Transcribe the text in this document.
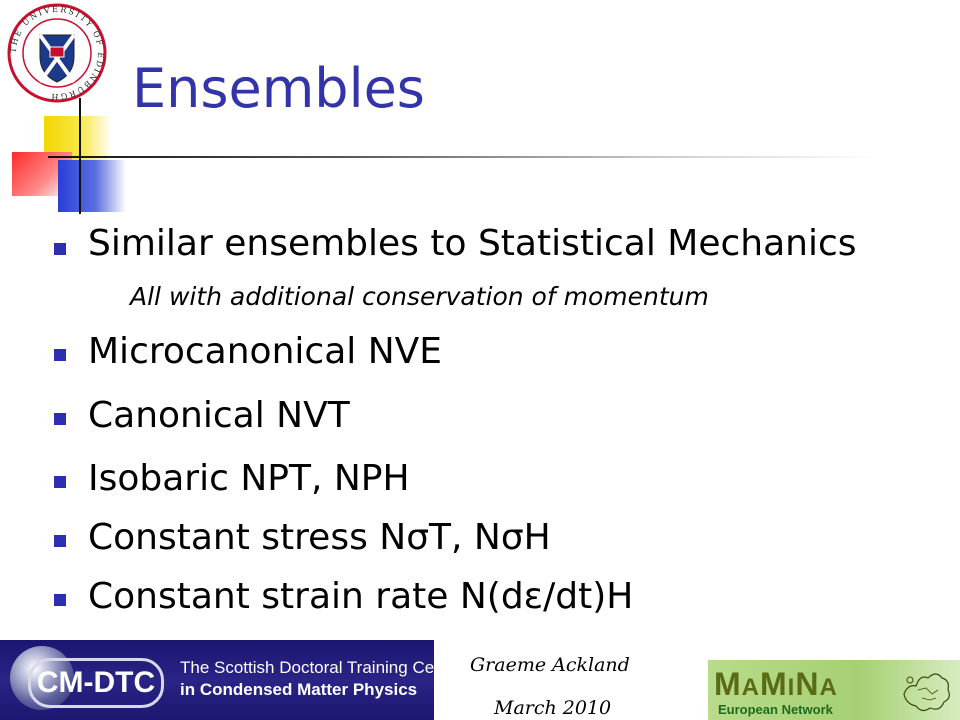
THE UNIVERSITY OF EDINBURGH	Ensembles
Similar ensembles to Statistical Mechanics
All with additional conservation of momentum
Microcanonical NVE
Canonical NVT
Isobaric NPT, NPH
Constant stress NσT, NσH
Constant strain rate N(dε/dt)H
CM-DTC	The Scottish Doctoral Training Centre
in Condensed Matter Physics
Graeme Ackland
March 2010
MAMINA
European Network
